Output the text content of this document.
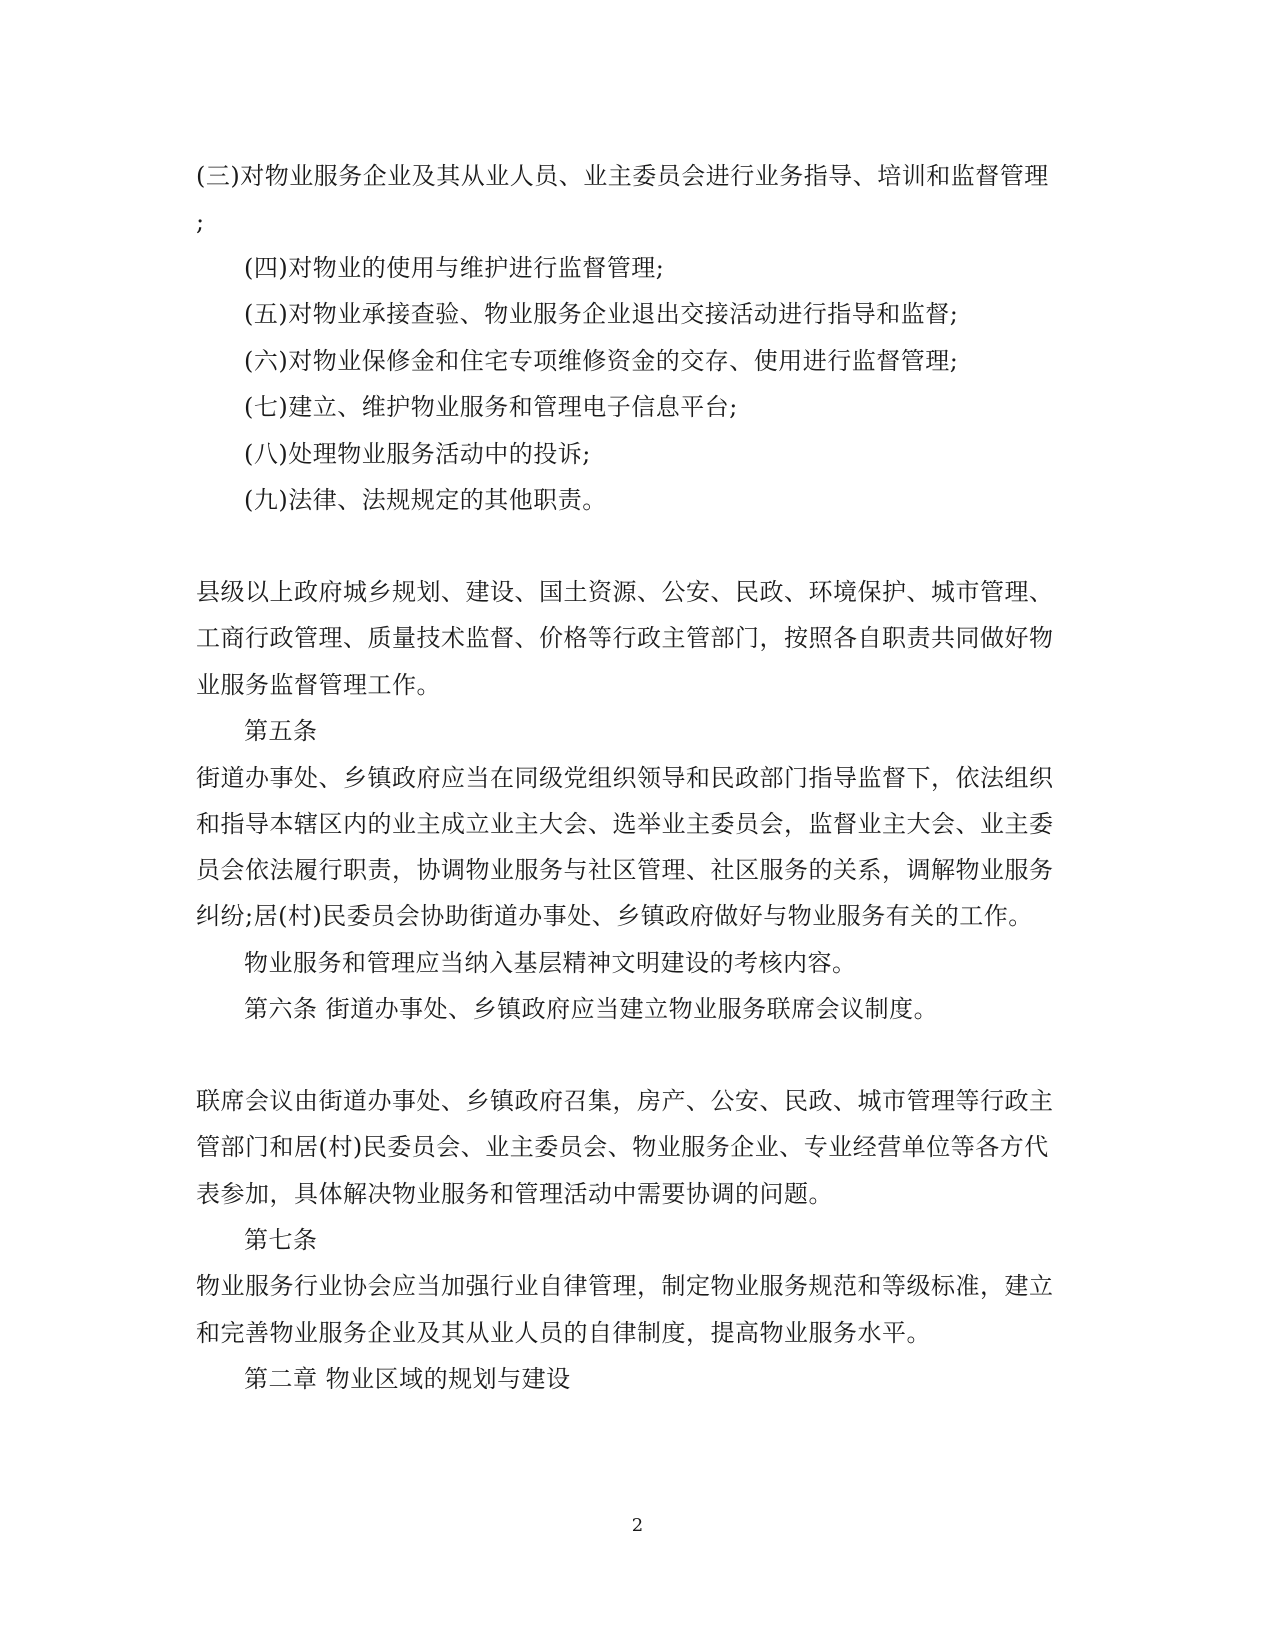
(三)对物业服务企业及其从业人员、业主委员会进行业务指导、培训和监督管理
;
(四)对物业的使用与维护进行监督管理;
(五)对物业承接查验、物业服务企业退出交接活动进行指导和监督;
(六)对物业保修金和住宅专项维修资金的交存、使用进行监督管理;
(七)建立、维护物业服务和管理电子信息平台;
(八)处理物业服务活动中的投诉;
(九)法律、法规规定的其他职责。
县级以上政府城乡规划、建设、国土资源、公安、民政、环境保护、城市管理、
工商行政管理、质量技术监督、价格等行政主管部门，按照各自职责共同做好物
业服务监督管理工作。
第五条
街道办事处、乡镇政府应当在同级党组织领导和民政部门指导监督下，依法组织
和指导本辖区内的业主成立业主大会、选举业主委员会，监督业主大会、业主委
员会依法履行职责，协调物业服务与社区管理、社区服务的关系，调解物业服务
纠纷;居(村)民委员会协助街道办事处、乡镇政府做好与物业服务有关的工作。
物业服务和管理应当纳入基层精神文明建设的考核内容。
第六条 街道办事处、乡镇政府应当建立物业服务联席会议制度。
联席会议由街道办事处、乡镇政府召集，房产、公安、民政、城市管理等行政主
管部门和居(村)民委员会、业主委员会、物业服务企业、专业经营单位等各方代
表参加，具体解决物业服务和管理活动中需要协调的问题。
第七条
物业服务行业协会应当加强行业自律管理，制定物业服务规范和等级标准，建立
和完善物业服务企业及其从业人员的自律制度，提高物业服务水平。
第二章 物业区域的规划与建设
2
